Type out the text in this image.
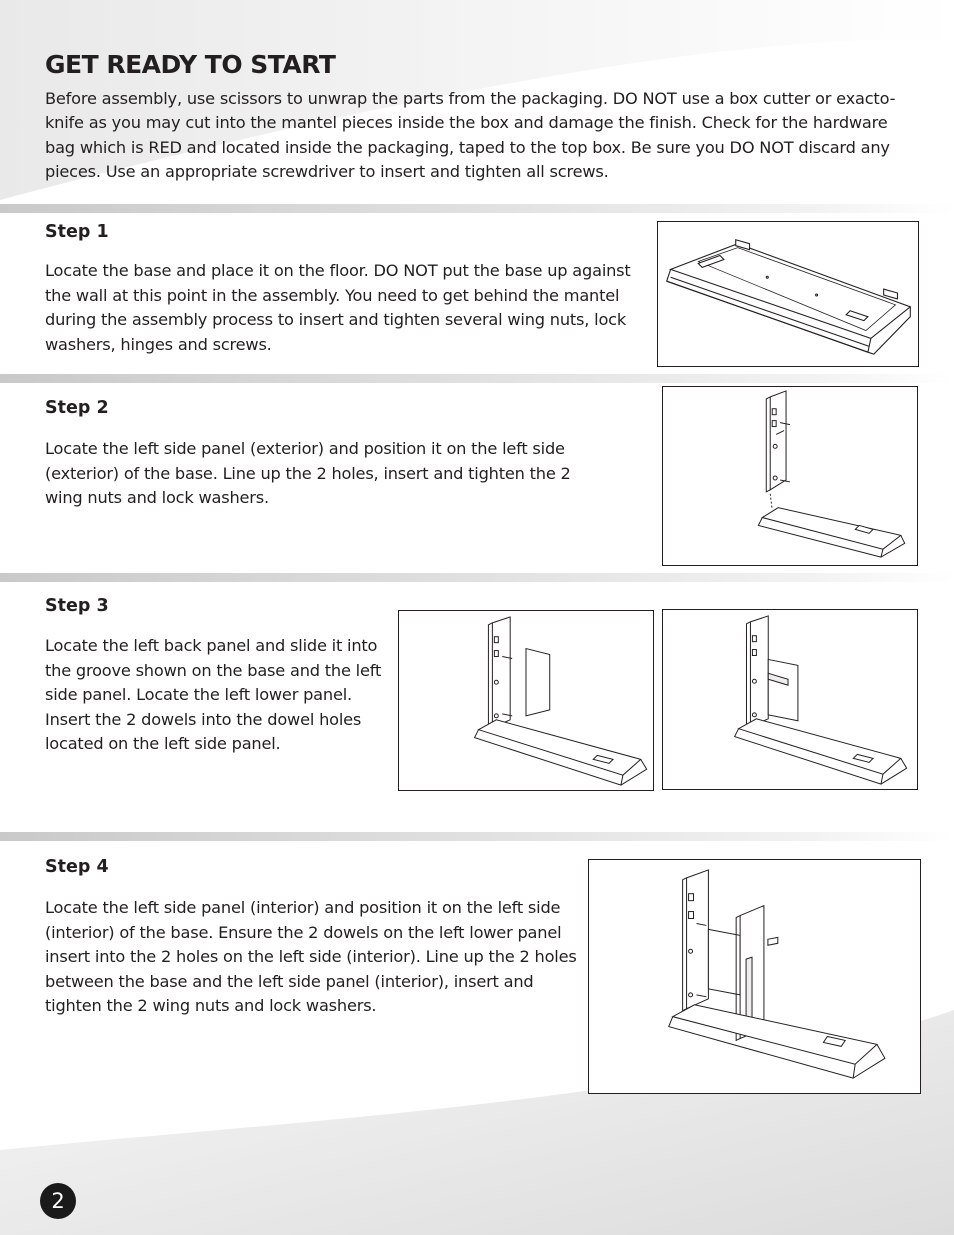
GET READY TO START

Before assembly, use scissors to unwrap the parts from the packaging. DO NOT use a box cutter or exacto-knife as you may cut into the mantel pieces inside the box and damage the finish. Check for the hardware bag which is RED and located inside the packaging, taped to the top box. Be sure you DO NOT discard any pieces. Use an appropriate screwdriver to insert and tighten all screws.

Step 1

Locate the base and place it on the floor. DO NOT put the base up against the wall at this point in the assembly. You need to get behind the mantel during the assembly process to insert and tighten several wing nuts, lock washers, hinges and screws.

Step 2

Locate the left side panel (exterior) and position it on the left side (exterior) of the base. Line up the 2 holes, insert and tighten the 2 wing nuts and lock washers.

Step 3

Locate the left back panel and slide it into the groove shown on the base and the left side panel. Locate the left lower panel. Insert the 2 dowels into the dowel holes located on the left side panel.

Step 4

Locate the left side panel (interior) and position it on the left side (interior) of the base. Ensure the 2 dowels on the left lower panel insert into the 2 holes on the left side (interior). Line up the 2 holes between the base and the left side panel (interior), insert and tighten the 2 wing nuts and lock washers.

2
